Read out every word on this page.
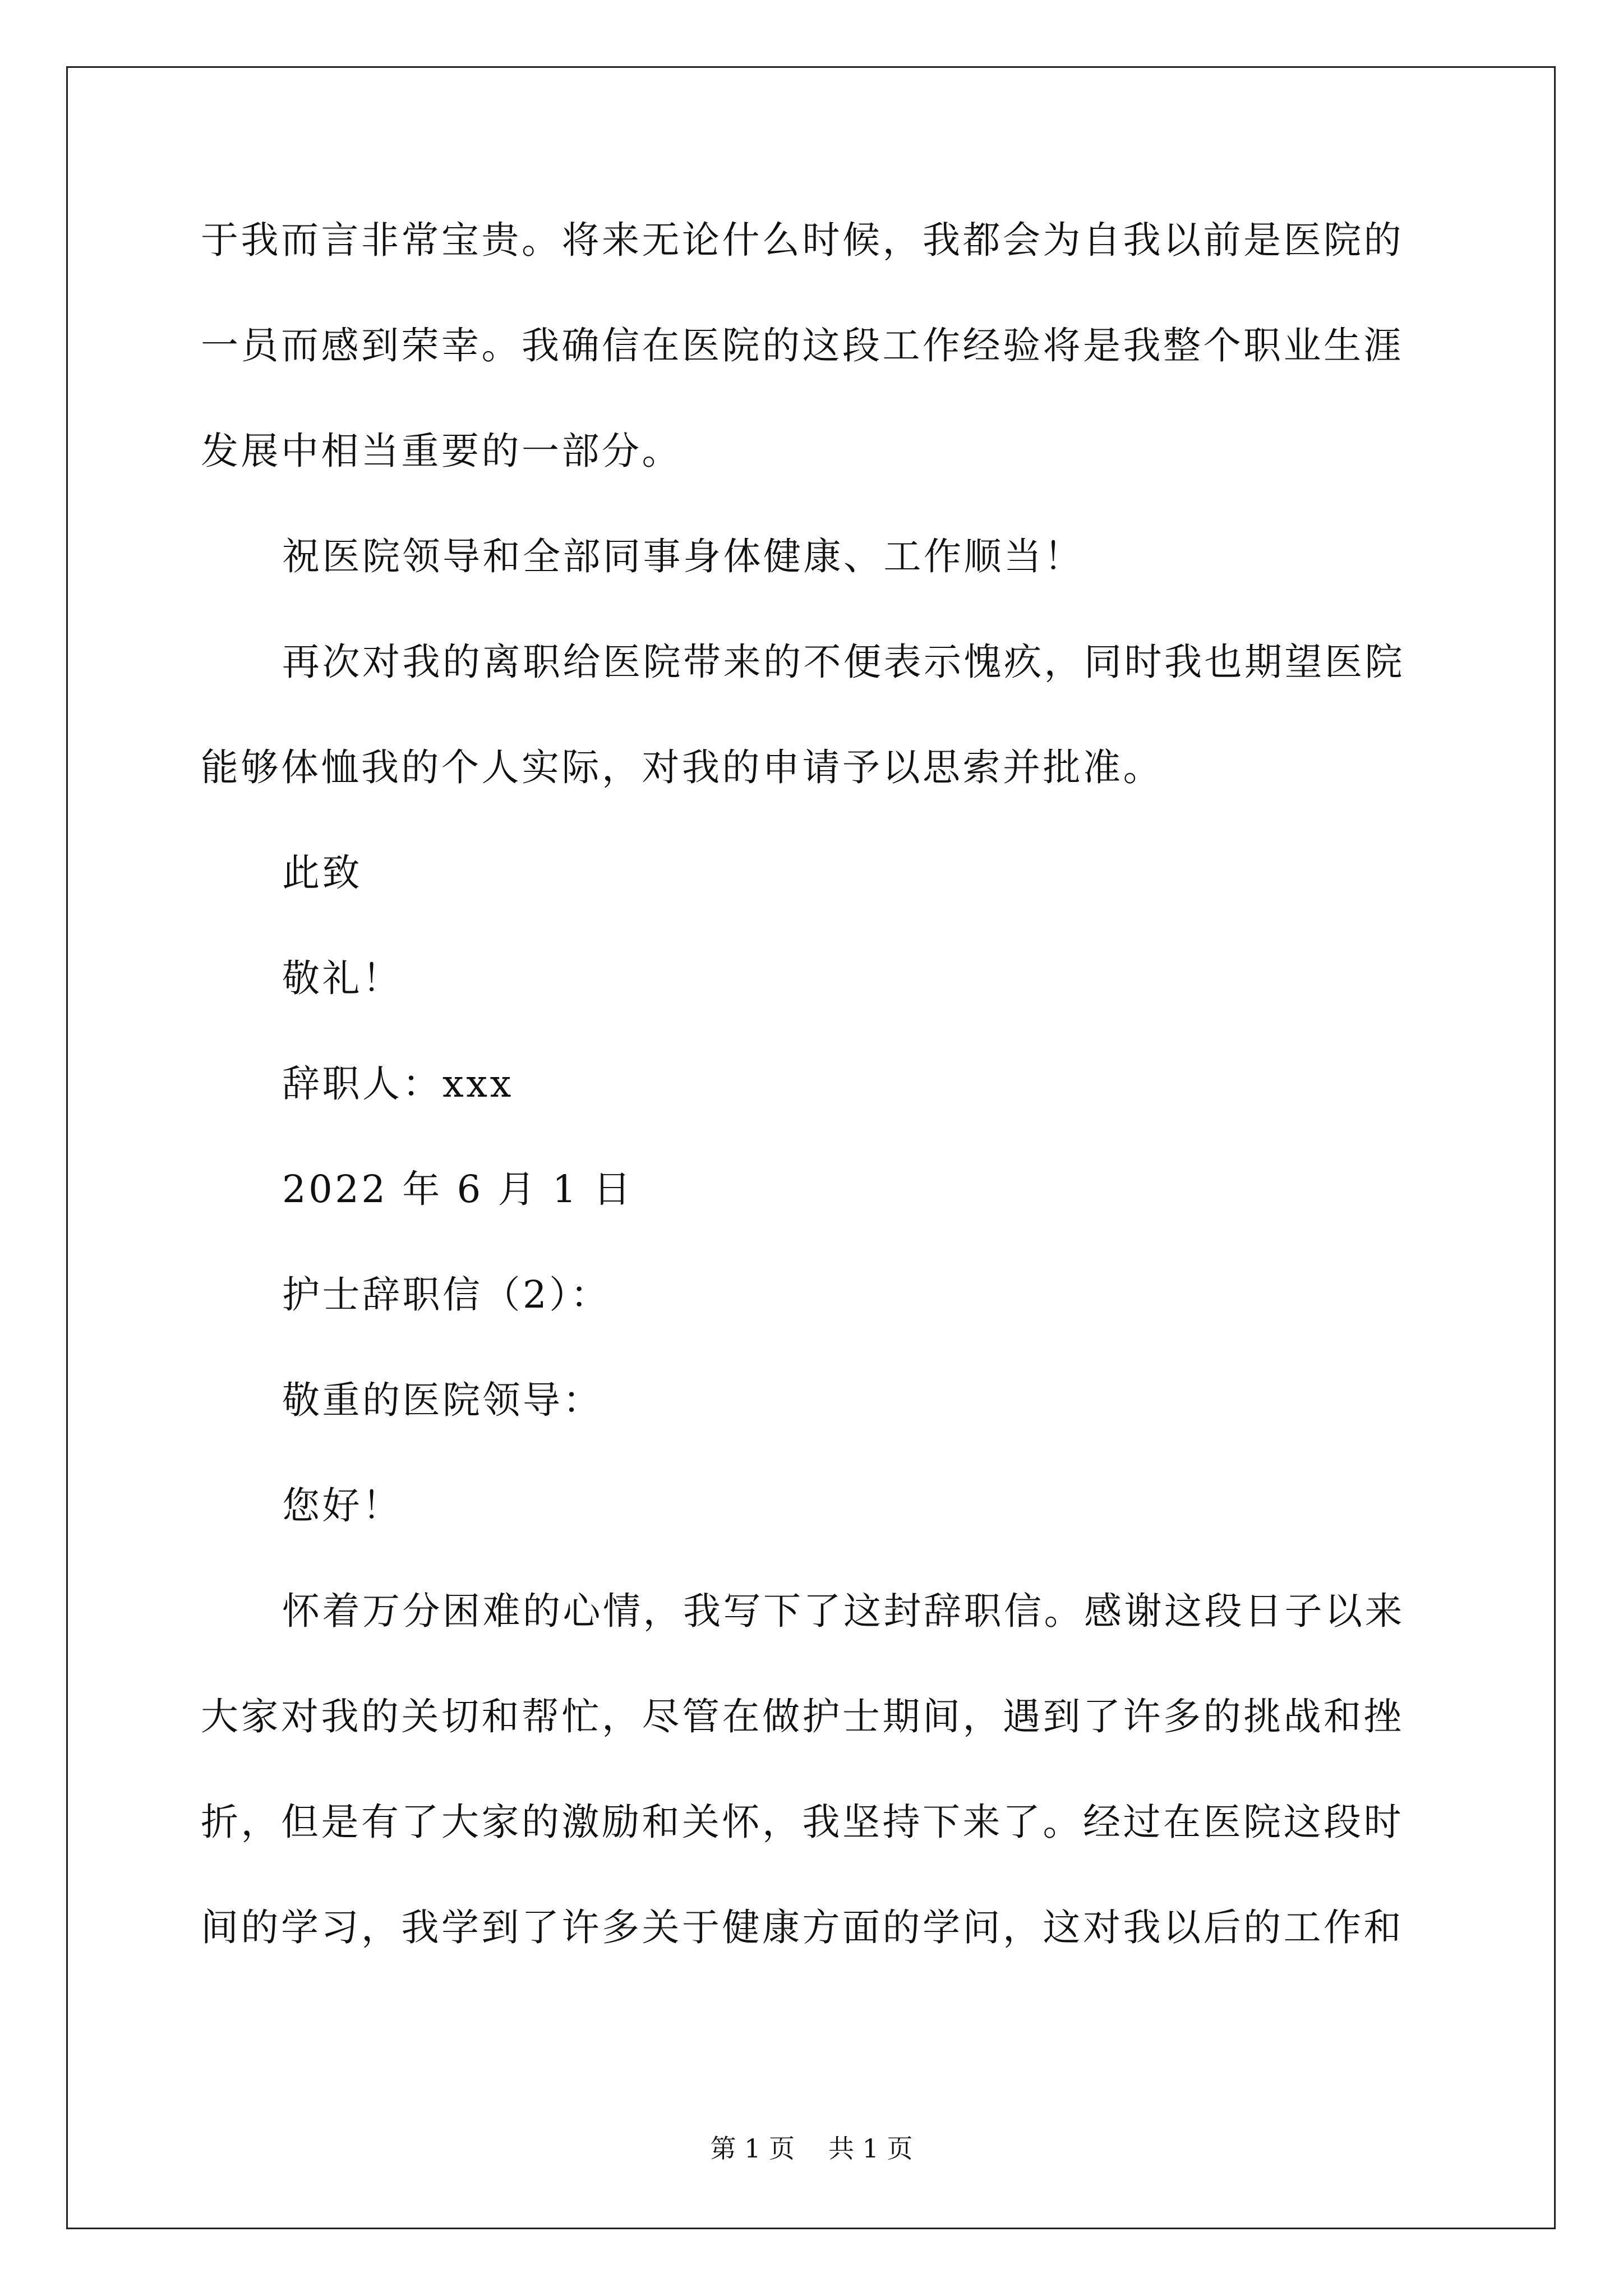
于我而言非常宝贵。将来无论什么时候，我都会为自我以前是医院的
一员而感到荣幸。我确信在医院的这段工作经验将是我整个职业生涯
发展中相当重要的一部分。
祝医院领导和全部同事身体健康、工作顺当！
再次对我的离职给医院带来的不便表示愧疚，同时我也期望医院
能够体恤我的个人实际，对我的申请予以思索并批准。
此致
敬礼！
辞职人：xxx
2022 年 6 月 1 日
护士辞职信（2）：
敬重的医院领导：
您好！
怀着万分困难的心情，我写下了这封辞职信。感谢这段日子以来
大家对我的关切和帮忙，尽管在做护士期间，遇到了许多的挑战和挫
折，但是有了大家的激励和关怀，我坚持下来了。经过在医院这段时
间的学习，我学到了许多关于健康方面的学问，这对我以后的工作和
第 1 页 共 1 页
